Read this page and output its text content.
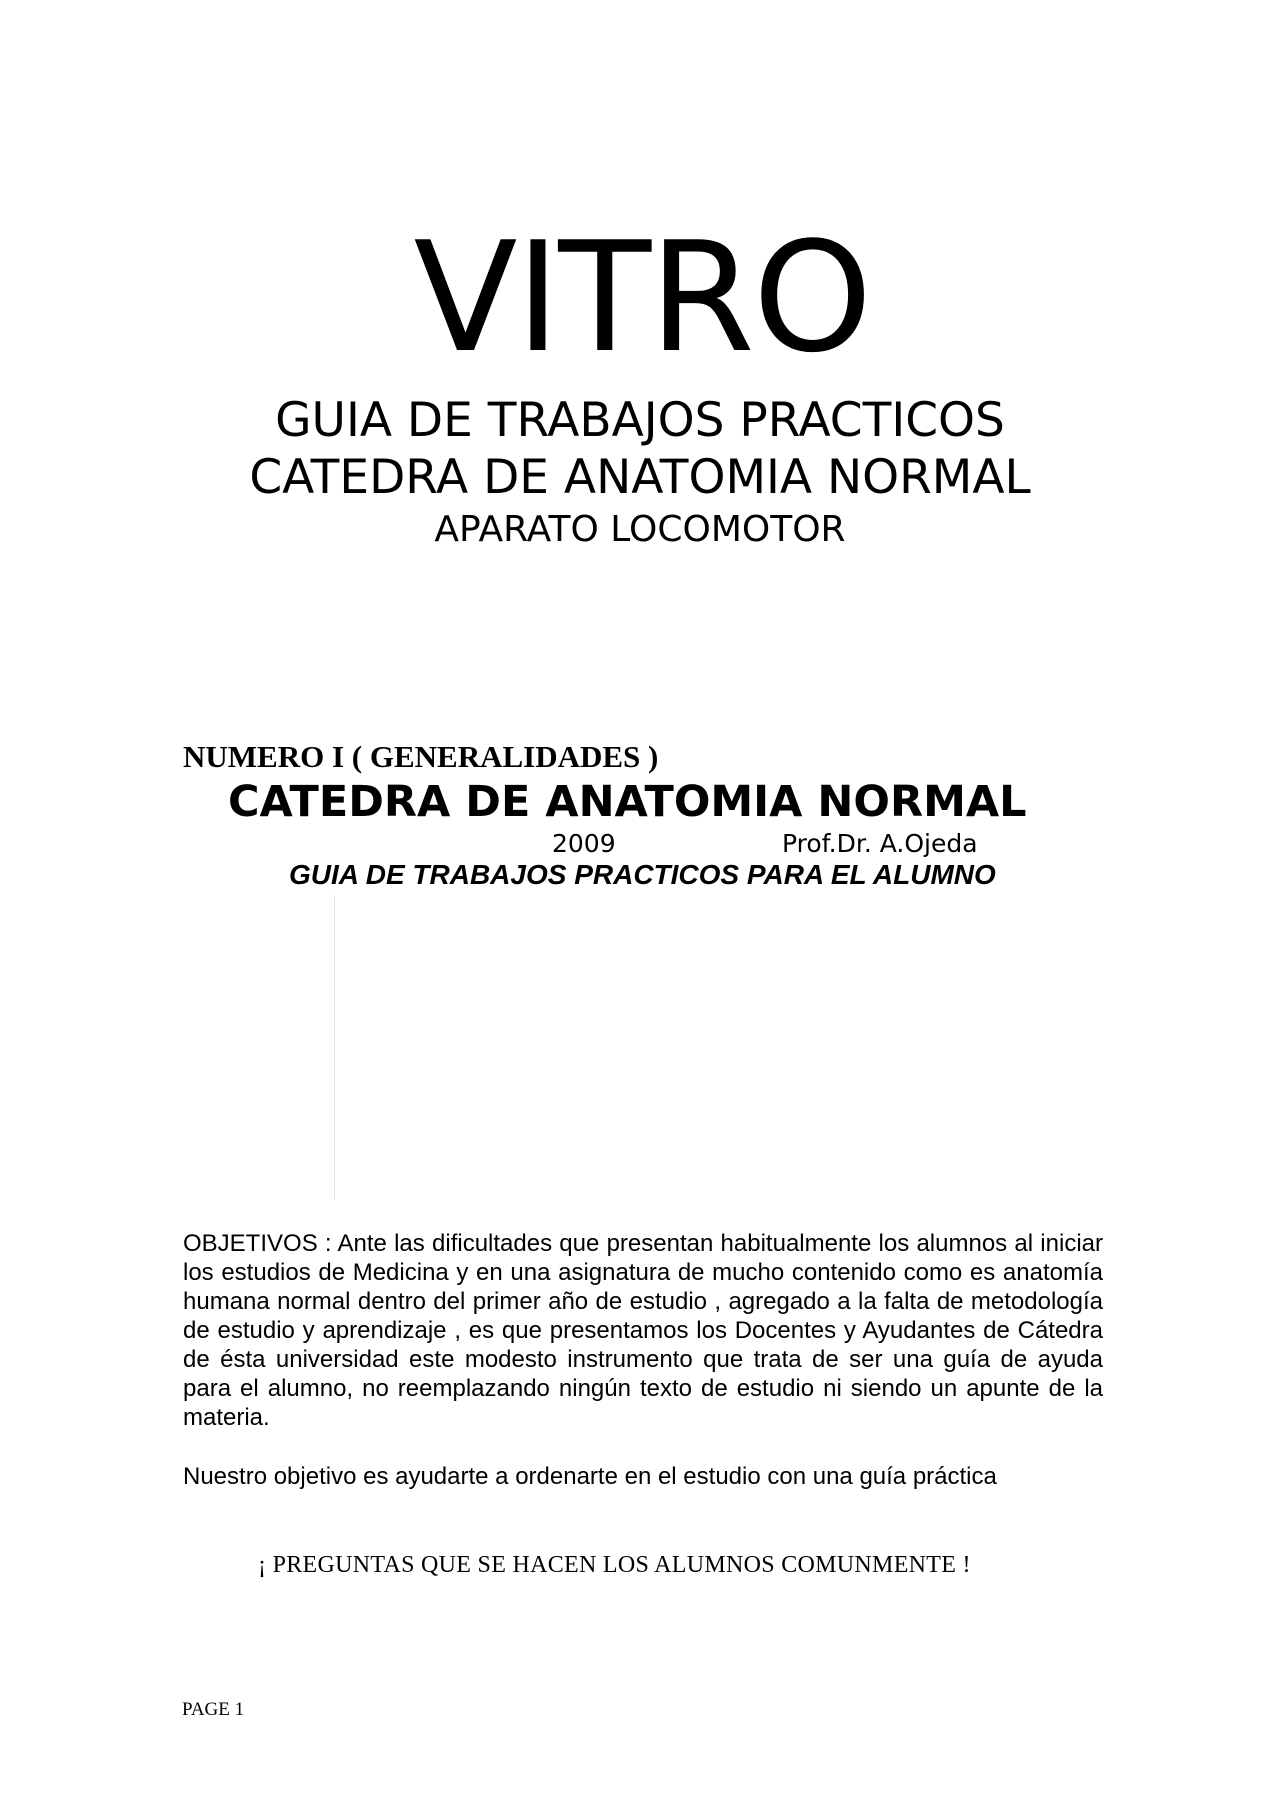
VITRO
GUIA DE TRABAJOS PRACTICOS
CATEDRA DE ANATOMIA NORMAL
APARATO LOCOMOTOR
NUMERO I ( GENERALIDADES )
CATEDRA DE ANATOMIA NORMAL
2009	Prof.Dr. A.Ojeda
GUIA DE TRABAJOS PRACTICOS PARA EL ALUMNO
OBJETIVOS : Ante las dificultades que presentan habitualmente los alumnos al iniciar los estudios de Medicina y en una asignatura de mucho contenido como es anatomía humana normal dentro del primer año de estudio , agregado a la falta de metodología de estudio y aprendizaje , es que presentamos los Docentes y Ayudantes de Cátedra de ésta universidad este modesto instrumento que trata de ser una guía de ayuda para el alumno, no reemplazando ningún texto de estudio ni siendo un apunte de la materia.
Nuestro objetivo es ayudarte a ordenarte en el estudio con una guía práctica
¡ PREGUNTAS QUE SE HACEN LOS ALUMNOS COMUNMENTE !
PAGE 1
